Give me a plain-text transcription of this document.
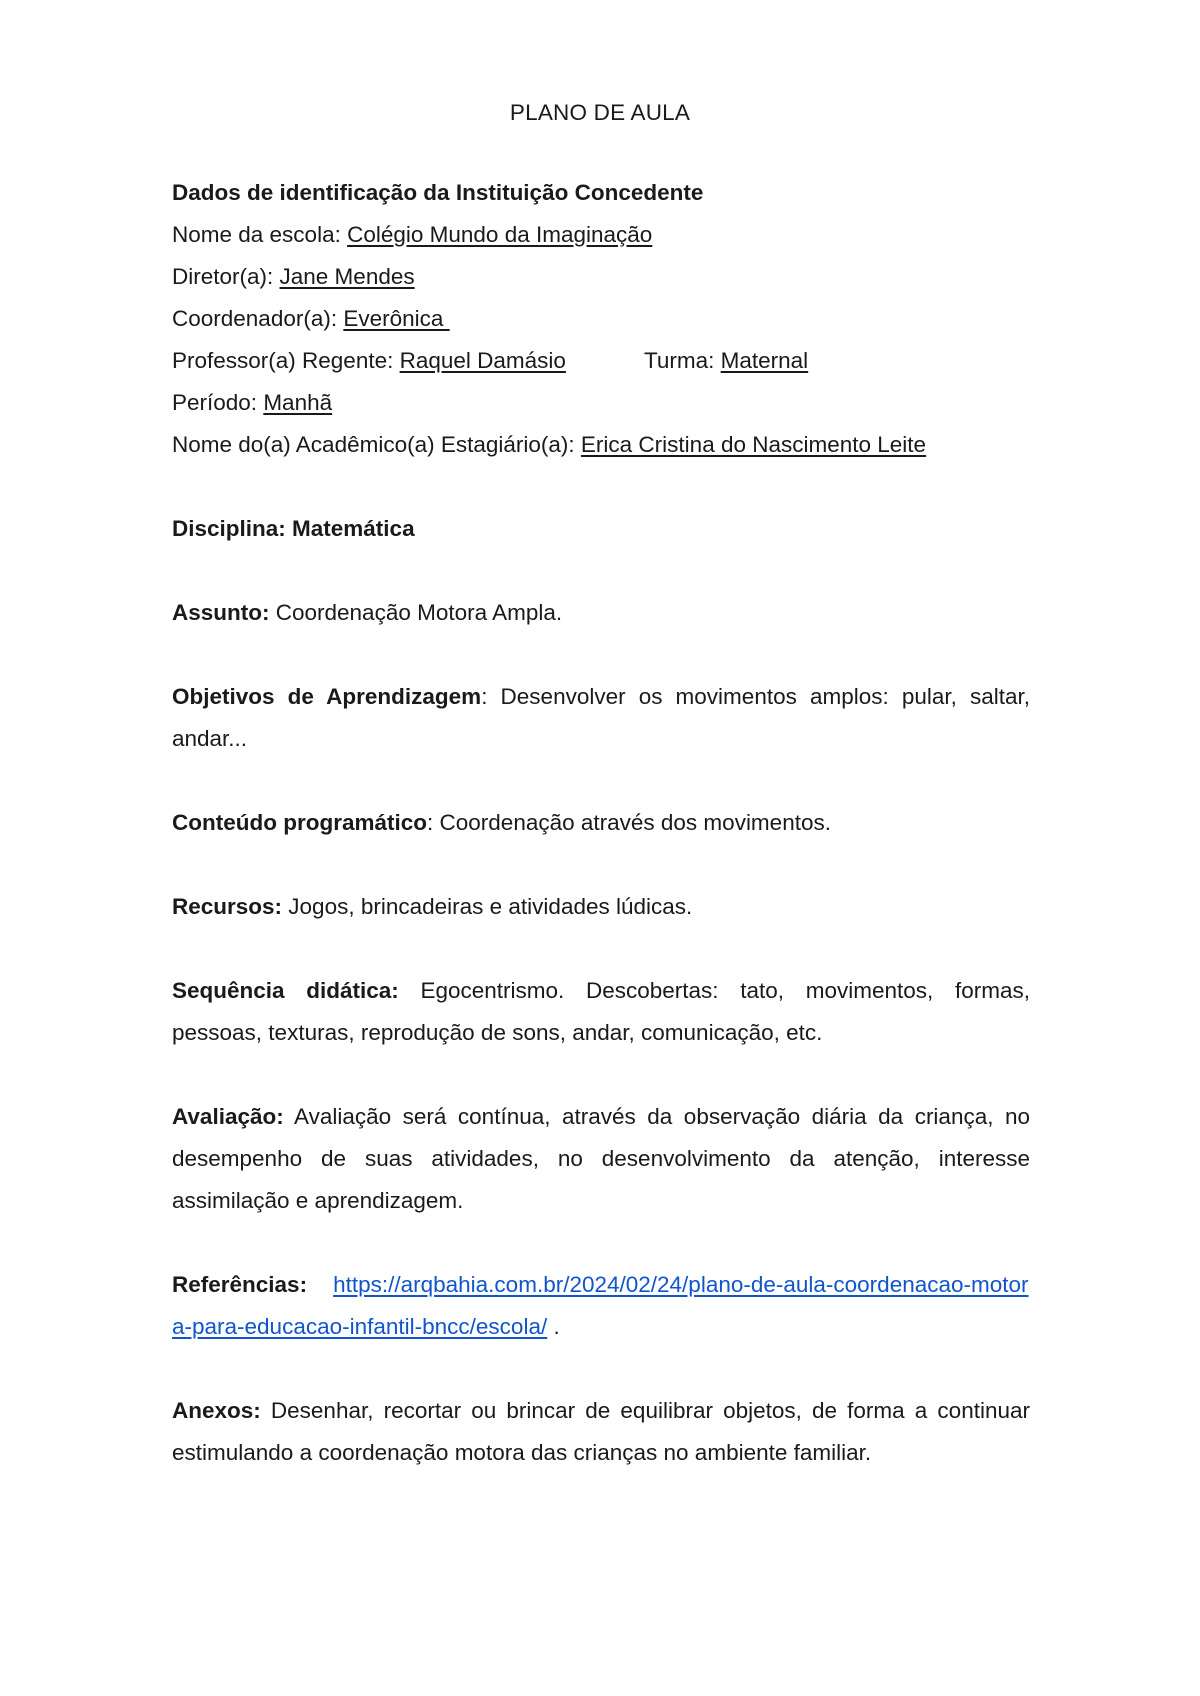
PLANO DE AULA
Dados de identificação da Instituição Concedente
Nome da escola: Colégio Mundo da Imaginação
Diretor(a): Jane Mendes
Coordenador(a): Everônica
Professor(a) Regente: Raquel Damásio	Turma: Maternal
Período: Manhã
Nome do(a) Acadêmico(a) Estagiário(a): Erica Cristina do Nascimento Leite
Disciplina: Matemática
Assunto: Coordenação Motora Ampla.
Objetivos de Aprendizagem: Desenvolver os movimentos amplos: pular, saltar, andar...
Conteúdo programático: Coordenação através dos movimentos.
Recursos: Jogos, brincadeiras e atividades lúdicas.
Sequência didática: Egocentrismo. Descobertas: tato, movimentos, formas, pessoas, texturas, reprodução de sons, andar, comunicação, etc.
Avaliação: Avaliação será contínua, através da observação diária da criança, no desempenho de suas atividades, no desenvolvimento da atenção, interesse assimilação e aprendizagem.
Referências: https://arqbahia.com.br/2024/02/24/plano-de-aula-coordenacao-motora-para-educacao-infantil-bncc/escola/ .
Anexos: Desenhar, recortar ou brincar de equilibrar objetos, de forma a continuar estimulando a coordenação motora das crianças no ambiente familiar.
